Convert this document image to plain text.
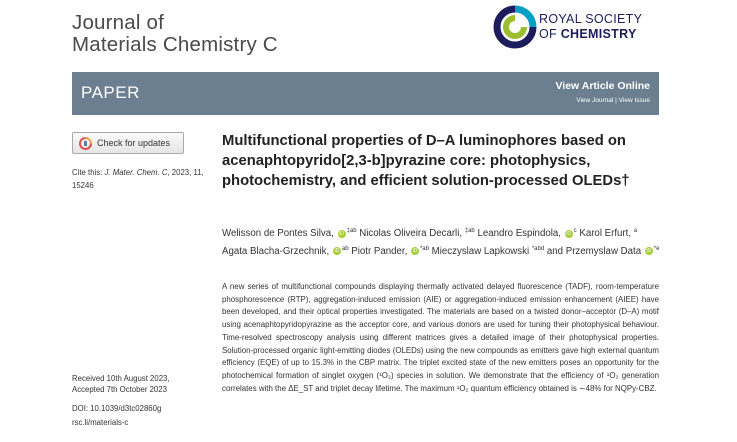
Journal of
Materials Chemistry C
ROYAL SOCIETY
OF CHEMISTRY
PAPER	View Article Online
View Journal | View Issue
Check for updates
Cite this: J. Mater. Chem. C, 2023, 11, 15246
Received 10th August 2023,
Accepted 7th October 2023
DOI: 10.1039/d3tc02860g
rsc.li/materials-c
Multifunctional properties of D–A luminophores based on acenaphtopyrido[2,3-b]pyrazine core: photophysics, photochemistry, and efficient solution-processed OLEDs†
Welisson de Pontes Silva, iD $^{\ddagger ab}$ Nicolas Oliveira Decarli, $^{\ddagger ab}$ Leandro Espindola, iD $^c$ Karol Erfurt, $^a$ Agata Blacha-Grzechnik, iD $^{ab}$ Piotr Pander, iD $^{*ab}$ Mieczyslaw Lapkowski $^{*abd}$ and Przemyslaw Data iD $^{*e}$
A new series of multifunctional compounds displaying thermally activated delayed fluorescence (TADF), room-temperature phosphorescence (RTP), aggregation-induced emission (AIE) or aggregation-induced emission enhancement (AIEE) have been developed, and their optical properties investigated. The materials are based on a twisted donor–acceptor (D–A) motif using acenaphtopyridopyrazine as the acceptor core, and various donors are used for tuning their photophysical behaviour. Time-resolved spectroscopy analysis using different matrices gives a detailed image of their photophysical properties. Solution-processed organic light-emitting diodes (OLEDs) using the new compounds as emitters gave high external quantum efficiency (EQE) of up to 15.3% in the CBP matrix. The triplet excited state of the new emitters poses an opportunity for the photochemical formation of singlet oxygen (¹O₂) species in solution. We demonstrate that the efficiency of ¹O₂ generation correlates with the ΔE_ST and triplet decay lifetime. The maximum ¹O₂ quantum efficiency obtained is ∼48% for NQPy-CBZ.
